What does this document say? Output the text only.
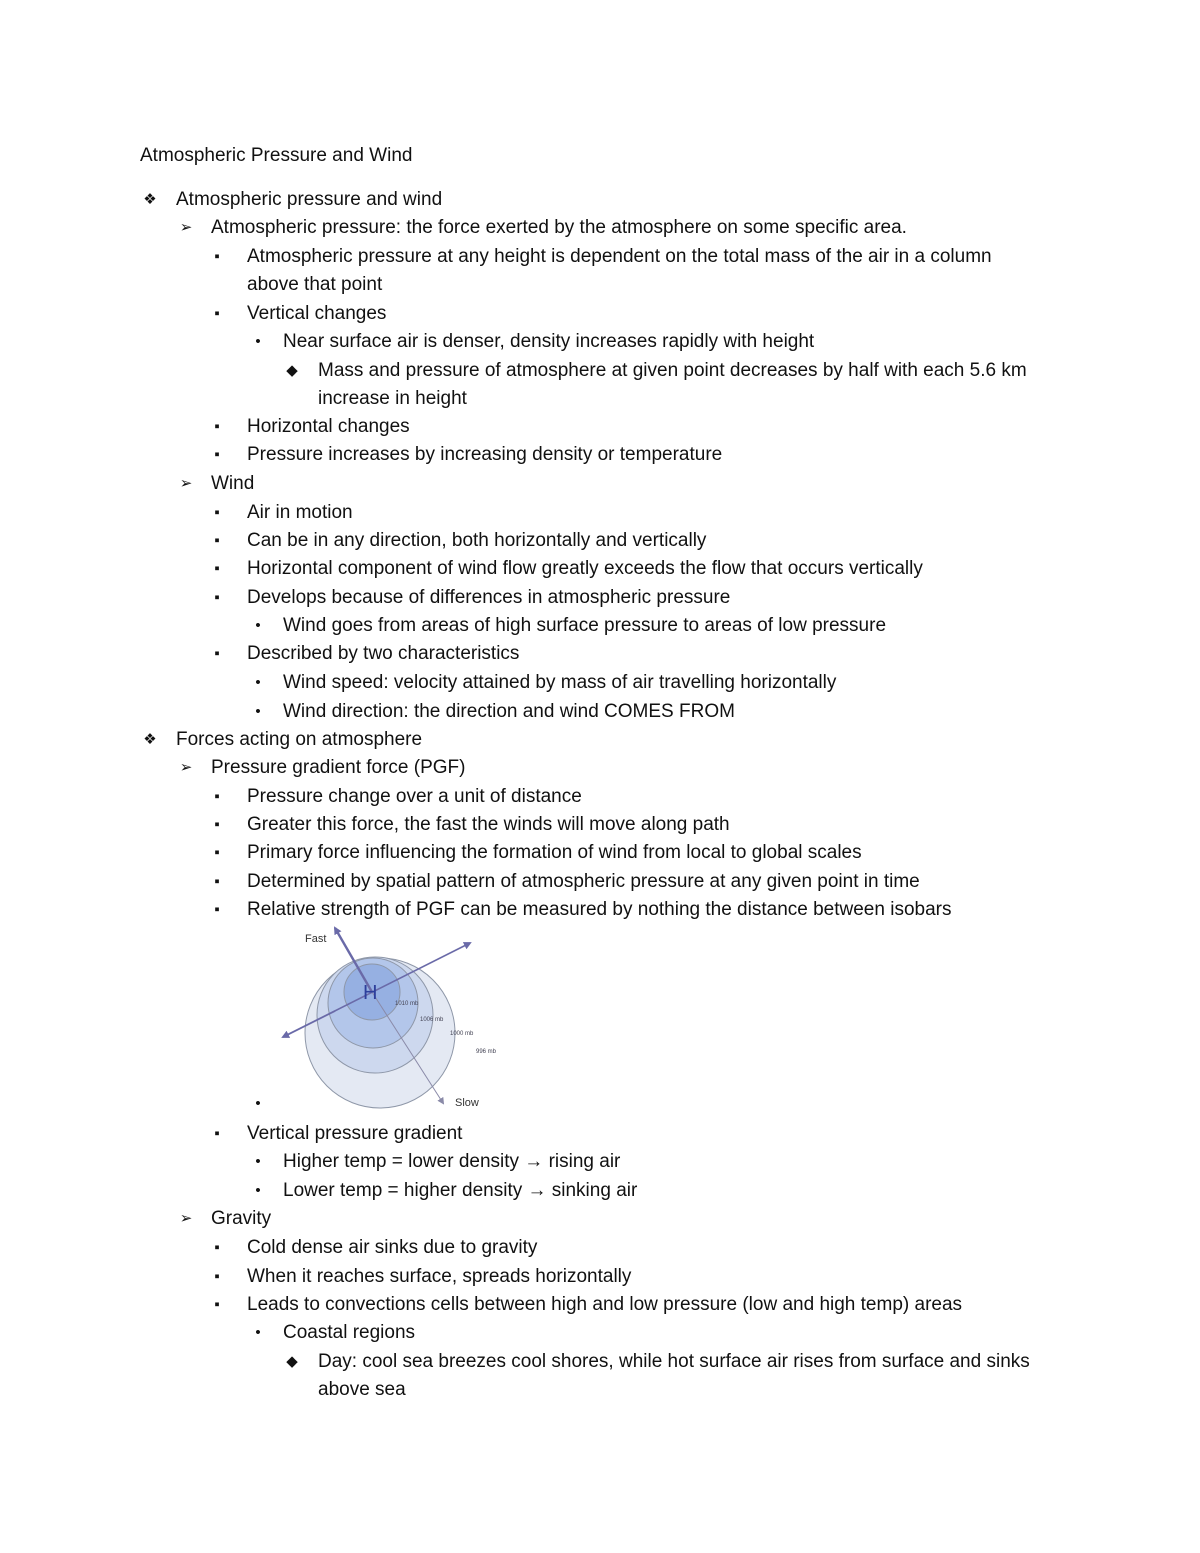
Atmospheric Pressure and Wind
❖ Atmospheric pressure and wind
➢ Atmospheric pressure: the force exerted by the atmosphere on some specific area.
▪	Atmospheric pressure at any height is dependent on the total mass of the air in a column
above that point
▪	Vertical changes
•	Near surface air is denser, density increases rapidly with height
◆ Mass and pressure of atmosphere at given point decreases by half with each 5.6 km
increase in height
▪	Horizontal changes
▪	Pressure increases by increasing density or temperature
➢ Wind
▪	Air in motion
▪	Can be in any direction, both horizontally and vertically
▪	Horizontal component of wind flow greatly exceeds the flow that occurs vertically
▪	Develops because of differences in atmospheric pressure
•	Wind goes from areas of high surface pressure to areas of low pressure
▪	Described by two characteristics
•	Wind speed: velocity attained by mass of air travelling horizontally
•	Wind direction: the direction and wind COMES FROM
❖ Forces acting on atmosphere
➢ Pressure gradient force (PGF)
▪	Pressure change over a unit of distance
▪	Greater this force, the fast the winds will move along path
▪	Primary force influencing the formation of wind from local to global scales
▪	Determined by spatial pattern of atmospheric pressure at any given point in time
▪	Relative strength of PGF can be measured by nothing the distance between isobars
H
Fast
Slow
1010 mb
1006 mb
1000 mb
996 mb
•
▪	Vertical pressure gradient
•	Higher temp = lower density → rising air
•	Lower temp = higher density → sinking air
➢ Gravity
▪	Cold dense air sinks due to gravity
▪	When it reaches surface, spreads horizontally
▪	Leads to convections cells between high and low pressure (low and high temp) areas
•	Coastal regions
◆ Day: cool sea breezes cool shores, while hot surface air rises from surface and sinks
above sea
